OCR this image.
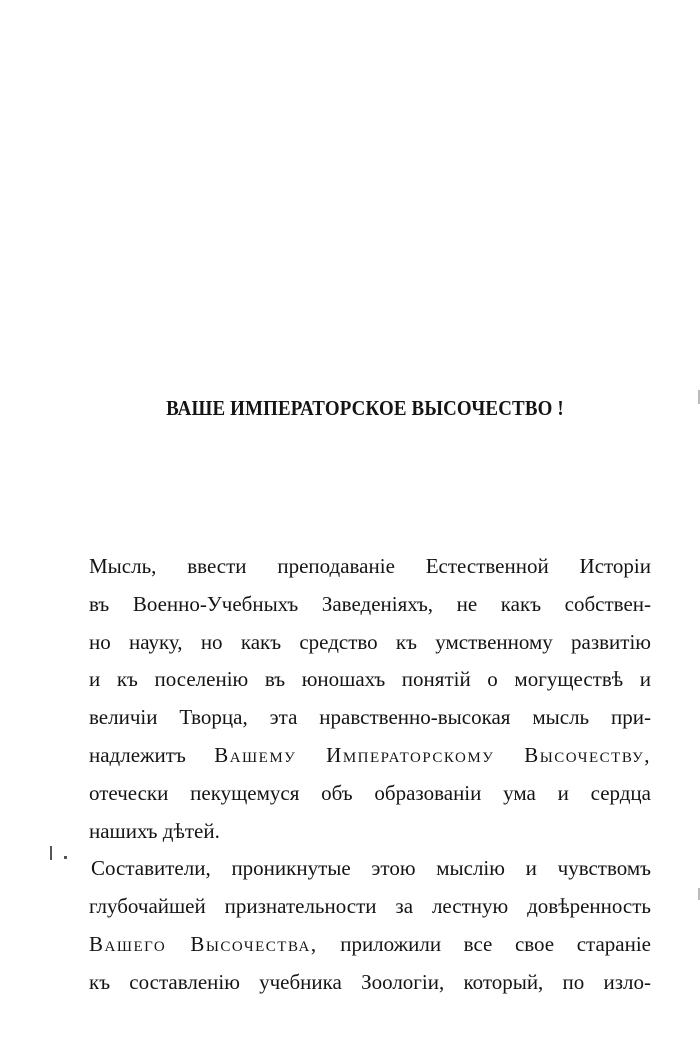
ВАШЕ ИМПЕРАТОРСКОЕ ВЫСОЧЕСТВО !
Мысль, ввести преподаваніе Естественной Исторіи
въ Военно-Учебныхъ Заведеніяхъ, не какъ собствен-
но науку, но какъ средство къ умственному развитію
и къ поселенію въ юношахъ понятій о могуществѣ и
величіи Творца, эта нравственно-высокая мысль при-
надлежитъ Вашему Императорскому Высочеству,
отечески пекущемуся объ образованіи ума и сердца
нашихъ дѣтей.
Составители, проникнутые этою мыслію и чувствомъ
глубочайшей признательности за лестную довѣренность
Вашего Высочества, приложили все свое стараніе
къ составленію учебника Зоологіи, который, по изло-
